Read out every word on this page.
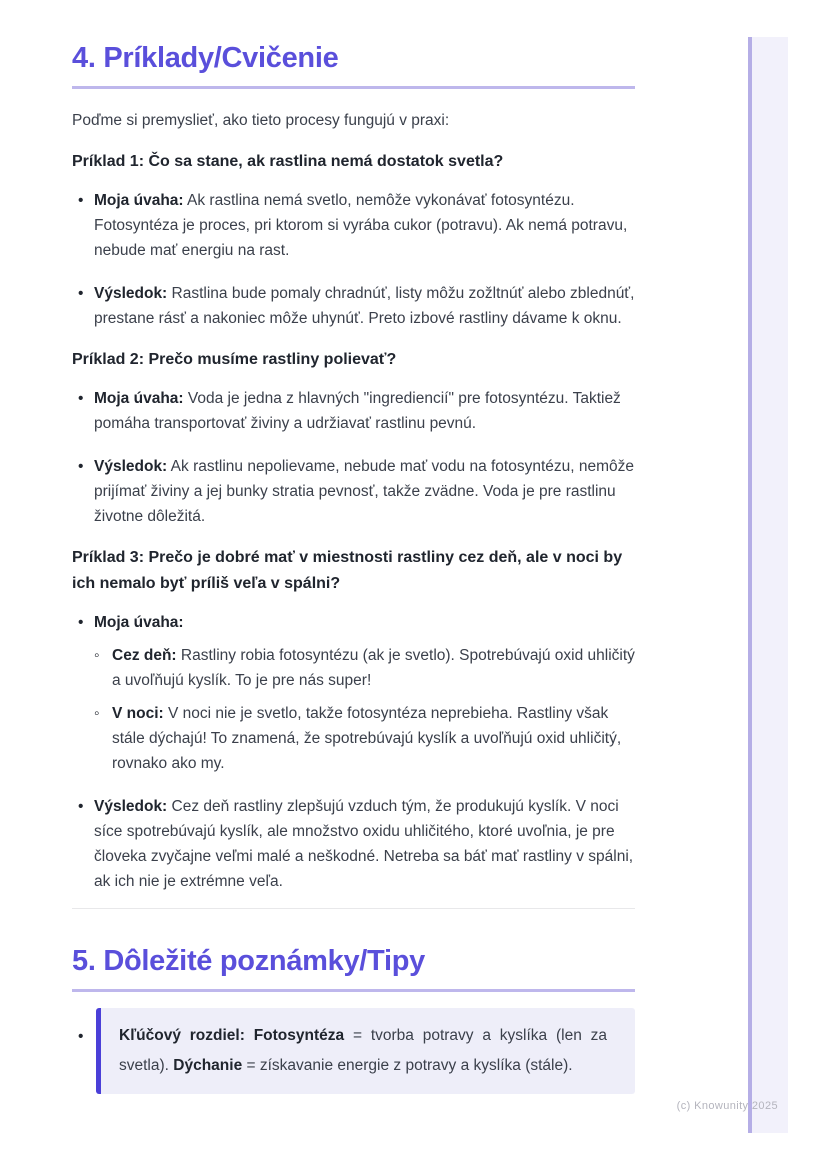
4. Príklady/Cvičenie

Poďme si premyslieť, ako tieto procesy fungujú v praxi:

Príklad 1: Čo sa stane, ak rastlina nemá dostatok svetla?
• Moja úvaha: Ak rastlina nemá svetlo, nemôže vykonávať fotosyntézu. Fotosyntéza je proces, pri ktorom si vyrába cukor (potravu). Ak nemá potravu, nebude mať energiu na rast.
• Výsledok: Rastlina bude pomaly chradnúť, listy môžu zožltnúť alebo zblednúť, prestane rásť a nakoniec môže uhynúť. Preto izbové rastliny dávame k oknu.
Príklad 2: Prečo musíme rastliny polievať?
• Moja úvaha: Voda je jedna z hlavných "ingrediencií" pre fotosyntézu. Taktiež pomáha transportovať živiny a udržiavať rastlinu pevnú.
• Výsledok: Ak rastlinu nepolievame, nebude mať vodu na fotosyntézu, nemôže prijímať živiny a jej bunky stratia pevnosť, takže zvädne. Voda je pre rastlinu životne dôležitá.
Príklad 3: Prečo je dobré mať v miestnosti rastliny cez deň, ale v noci by ich nemalo byť príliš veľa v spálni?
• Moja úvaha:
◦ Cez deň: Rastliny robia fotosyntézu (ak je svetlo). Spotrebúvajú oxid uhličitý a uvoľňujú kyslík. To je pre nás super!
◦ V noci: V noci nie je svetlo, takže fotosyntéza neprebieha. Rastliny však stále dýchajú! To znamená, že spotrebúvajú kyslík a uvoľňujú oxid uhličitý, rovnako ako my.
• Výsledok: Cez deň rastliny zlepšujú vzduch tým, že produkujú kyslík. V noci síce spotrebúvajú kyslík, ale množstvo oxidu uhličitého, ktoré uvoľnia, je pre človeka zvyčajne veľmi malé a neškodné. Netreba sa báť mať rastliny v spálni, ak ich nie je extrémne veľa.
5. Dôležité poznámky/Tipy
• Kľúčový rozdiel: Fotosyntéza = tvorba potravy a kyslíka (len za svetla). Dýchanie = získavanie energie z potravy a kyslíka (stále).

(c) Knowunity 2025
